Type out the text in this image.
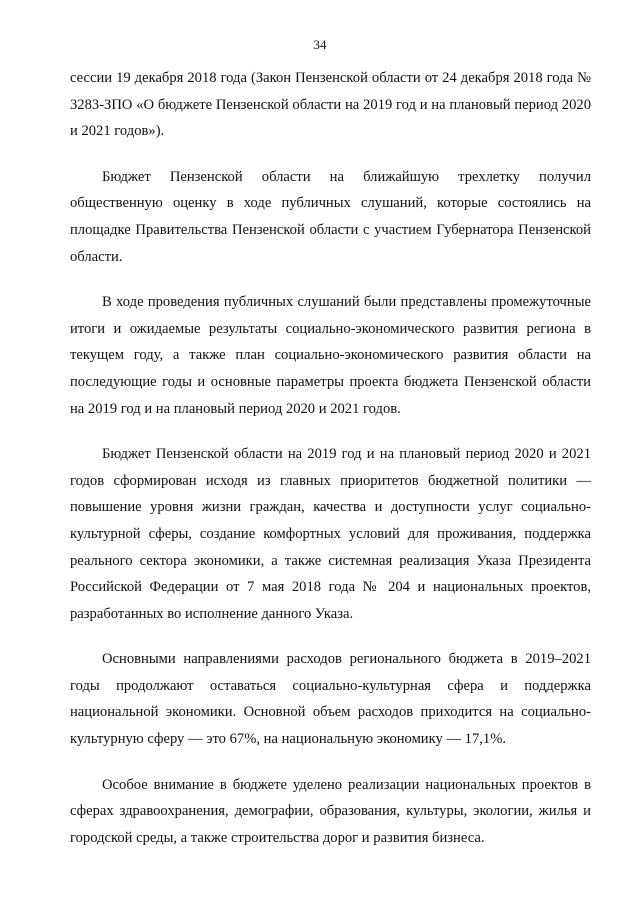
34

сессии 19 декабря 2018 года (Закон Пензенской области от 24 декабря 2018 года № 3283-ЗПО «О бюджете Пензенской области на 2019 год и на плановый период 2020 и 2021 годов»).

Бюджет Пензенской области на ближайшую трехлетку получил общественную оценку в ходе публичных слушаний, которые состоялись на площадке Правительства Пензенской области с участием Губернатора Пензенской области.

В ходе проведения публичных слушаний были представлены промежуточные итоги и ожидаемые результаты социально-экономического развития региона в текущем году, а также план социально-экономического развития области на последующие годы и основные параметры проекта бюджета Пензенской области на 2019 год и на плановый период 2020 и 2021 годов.

Бюджет Пензенской области на 2019 год и на плановый период 2020 и 2021 годов сформирован исходя из главных приоритетов бюджетной политики — повышение уровня жизни граждан, качества и доступности услуг социально-культурной сферы, создание комфортных условий для проживания, поддержка реального сектора экономики, а также системная реализация Указа Президента Российской Федерации от 7 мая 2018 года № 204 и национальных проектов, разработанных во исполнение данного Указа.

Основными направлениями расходов регионального бюджета в 2019–2021 годы продолжают оставаться социально-культурная сфера и поддержка национальной экономики. Основной объем расходов приходится на социально-культурную сферу — это 67%, на национальную экономику — 17,1%.

Особое внимание в бюджете уделено реализации национальных проектов в сферах здравоохранения, демографии, образования, культуры, экологии, жилья и городской среды, а также строительства дорог и развития бизнеса.
